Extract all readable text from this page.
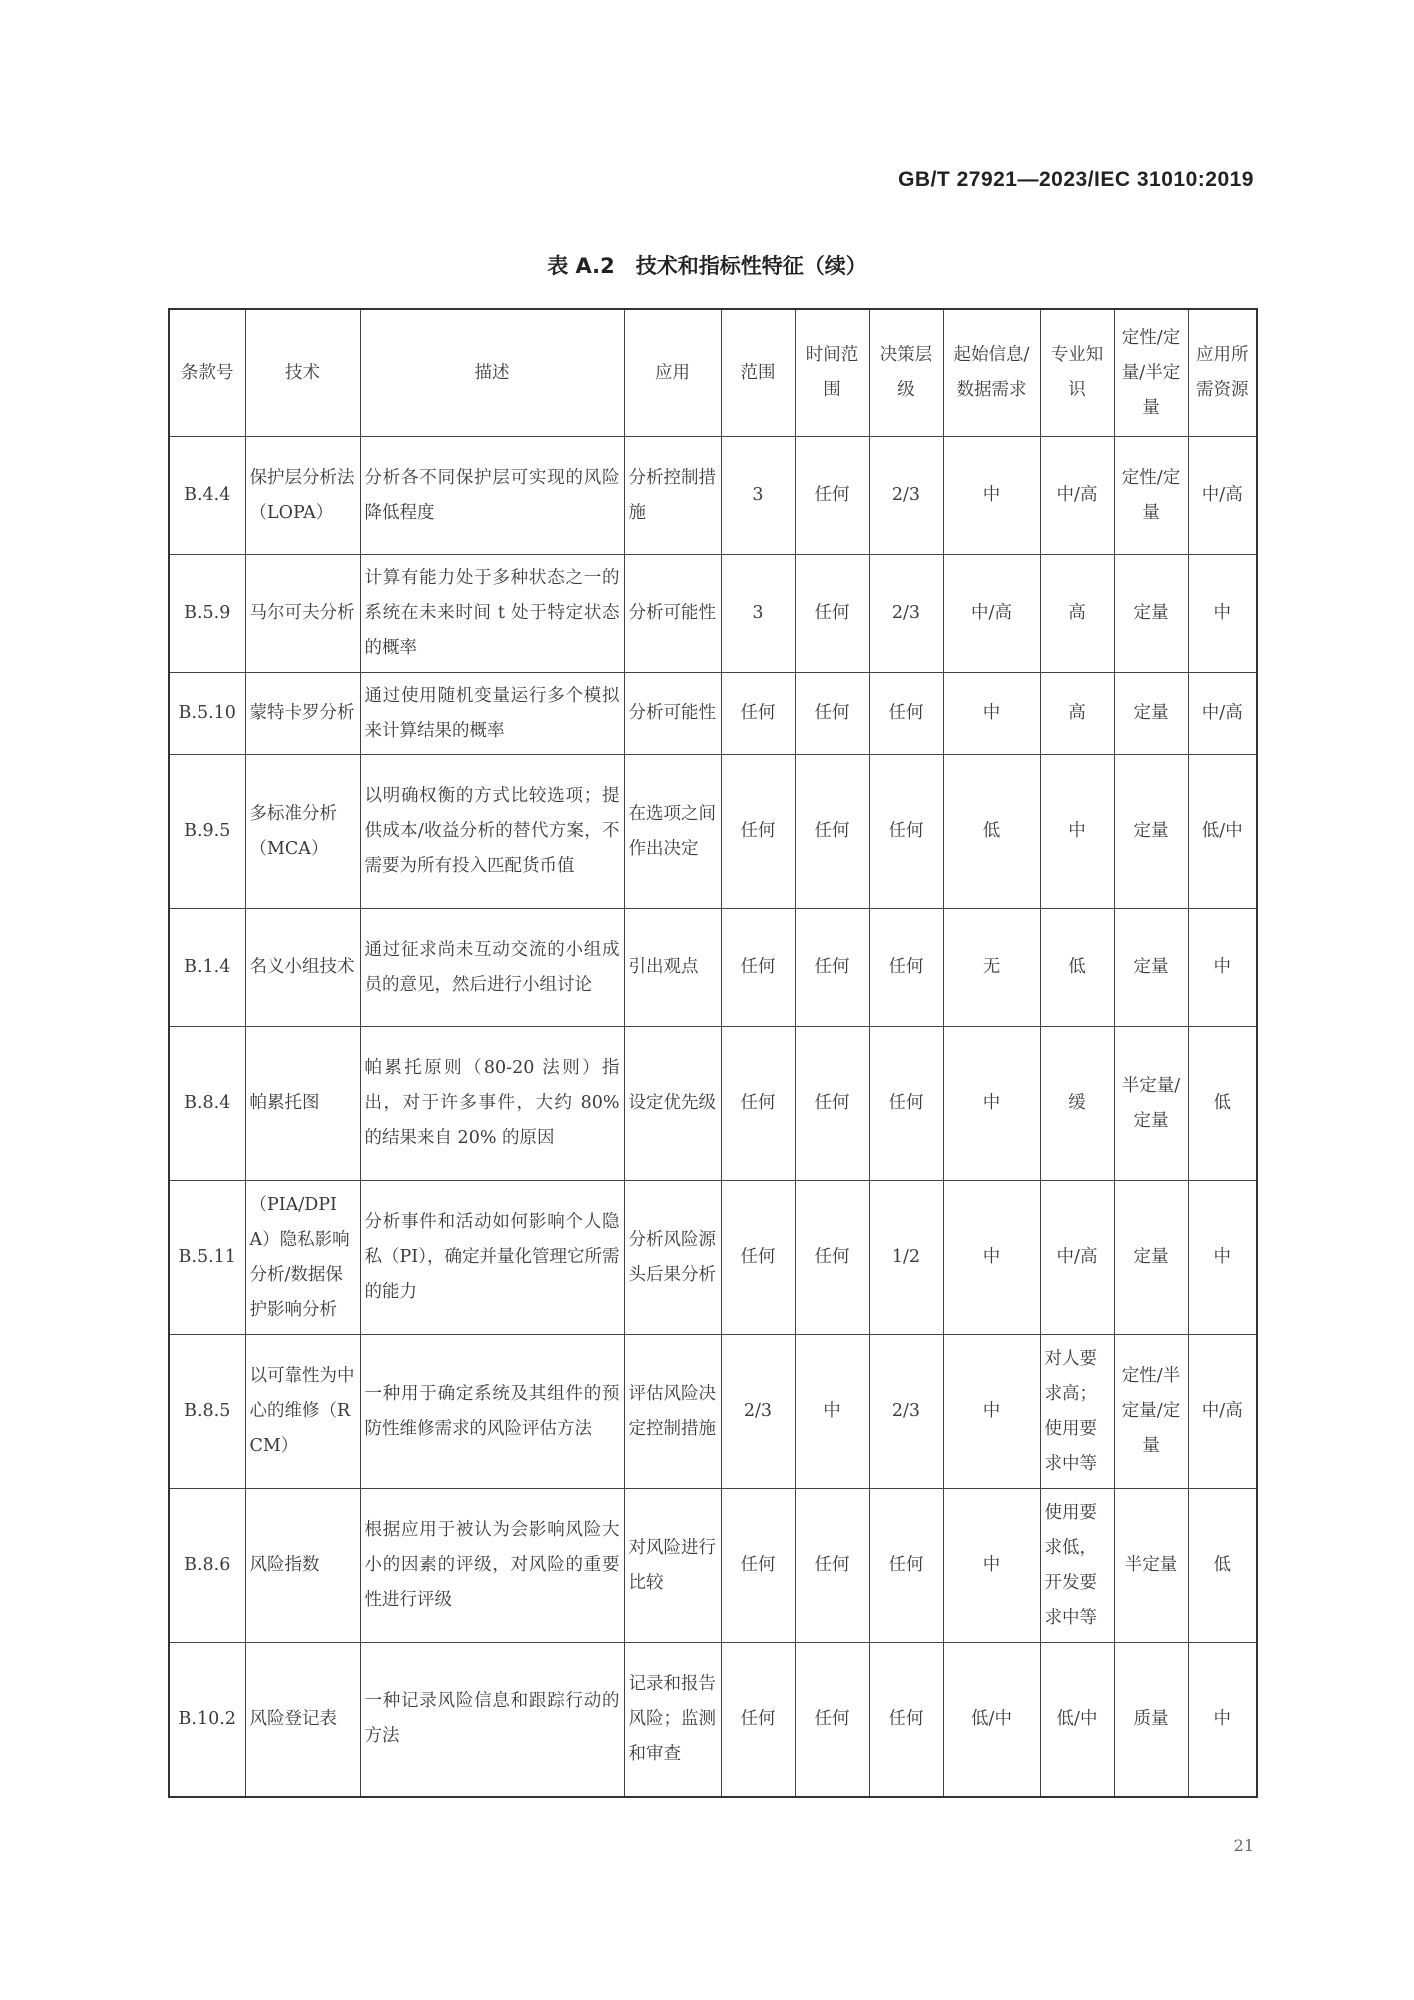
GB/T 27921—2023/IEC 31010:2019
表 A.2　技术和指标性特征（续）
条款号	技术	描述	应用	范围	时间范围	决策层级	起始信息/数据需求	专业知识	定性/定量/半定量	应用所需资源
B.4.4	保护层分析法（LOPA）	分析各不同保护层可实现的风险降低程度	分析控制措施	3	任何	2/3	中	中/高	定性/定量	中/高
B.5.9	马尔可夫分析	计算有能力处于多种状态之一的系统在未来时间 t 处于特定状态的概率	分析可能性	3	任何	2/3	中/高	高	定量	中
B.5.10	蒙特卡罗分析	通过使用随机变量运行多个模拟来计算结果的概率	分析可能性	任何	任何	任何	中	高	定量	中/高
B.9.5	多标准分析（MCA）	以明确权衡的方式比较选项；提供成本/收益分析的替代方案，不需要为所有投入匹配货币值	在选项之间作出决定	任何	任何	任何	低	中	定量	低/中
B.1.4	名义小组技术	通过征求尚未互动交流的小组成员的意见，然后进行小组讨论	引出观点	任何	任何	任何	无	低	定量	中
B.8.4	帕累托图	帕累托原则（80-20 法则）指出，对于许多事件，大约 80% 的结果来自 20% 的原因	设定优先级	任何	任何	任何	中	缓	半定量/定量	低
B.5.11	（PIA/DPIA）隐私影响分析/数据保护影响分析	分析事件和活动如何影响个人隐私（PI），确定并量化管理它所需的能力	分析风险源头后果分析	任何	任何	1/2	中	中/高	定量	中
B.8.5	以可靠性为中心的维修（RCM）	一种用于确定系统及其组件的预防性维修需求的风险评估方法	评估风险决定控制措施	2/3	中	2/3	中	对人要求高；使用要求中等	定性/半定量/定量	中/高
B.8.6	风险指数	根据应用于被认为会影响风险大小的因素的评级，对风险的重要性进行评级	对风险进行比较	任何	任何	任何	中	使用要求低，开发要求中等	半定量	低
B.10.2	风险登记表	一种记录风险信息和跟踪行动的方法	记录和报告风险；监测和审查	任何	任何	任何	低/中	低/中	质量	中
21
